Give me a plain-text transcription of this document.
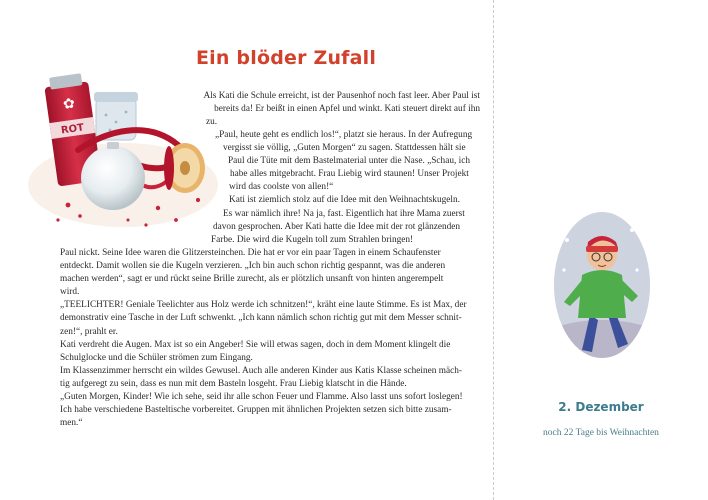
Ein blöder Zufall
ROT
✿

Als Kati die Schule erreicht, ist der Pausenhof noch fast leer. Aber Paul ist
bereits da! Er beißt in einen Apfel und winkt. Kati steuert direkt auf ihn
zu.

„Paul, heute geht es endlich los!“, platzt sie heraus. In der Aufregung
vergisst sie völlig, „Guten Morgen“ zu sagen. Stattdessen hält sie
Paul die Tüte mit dem Bastelmaterial unter die Nase. „Schau, ich
habe alles mitgebracht. Frau Liebig wird staunen! Unser Projekt
wird das coolste von allen!“
Kati ist ziemlich stolz auf die Idee mit den Weihnachtskugeln.
Es war nämlich ihre! Na ja, fast. Eigentlich hat ihre Mama zuerst
davon gesprochen. Aber Kati hatte die Idee mit der rot glänzenden
Farbe. Die wird die Kugeln toll zum Strahlen bringen!

Paul nickt. Seine Idee waren die Glitzersteinchen. Die hat er vor ein paar Tagen in einem Schaufenster
entdeckt. Damit wollen sie die Kugeln verzieren. „Ich bin auch schon richtig gespannt, was die anderen
machen werden“, sagt er und rückt seine Brille zurecht, als er plötzlich unsanft von hinten angerempelt
wird.
„TEELICHTER! Geniale Teelichter aus Holz werde ich schnitzen!“, kräht eine laute Stimme. Es ist Max, der
demonstrativ eine Tasche in der Luft schwenkt. „Ich kann nämlich schon richtig gut mit dem Messer schnit-
zen!“, prahlt er.
Kati verdreht die Augen. Max ist so ein Angeber! Sie will etwas sagen, doch in dem Moment klingelt die
Schulglocke und die Schüler strömen zum Eingang.
Im Klassenzimmer herrscht ein wildes Gewusel. Auch alle anderen Kinder aus Katis Klasse scheinen mäch-
tig aufgeregt zu sein, dass es nun mit dem Basteln losgeht. Frau Liebig klatscht in die Hände.
„Guten Morgen, Kinder! Wie ich sehe, seid ihr alle schon Feuer und Flamme. Also lasst uns sofort loslegen!
Ich habe verschiedene Basteltische vorbereitet. Gruppen mit ähnlichen Projekten setzen sich bitte zusam-
men.“

2. Dezember

noch 22 Tage bis Weihnachten
